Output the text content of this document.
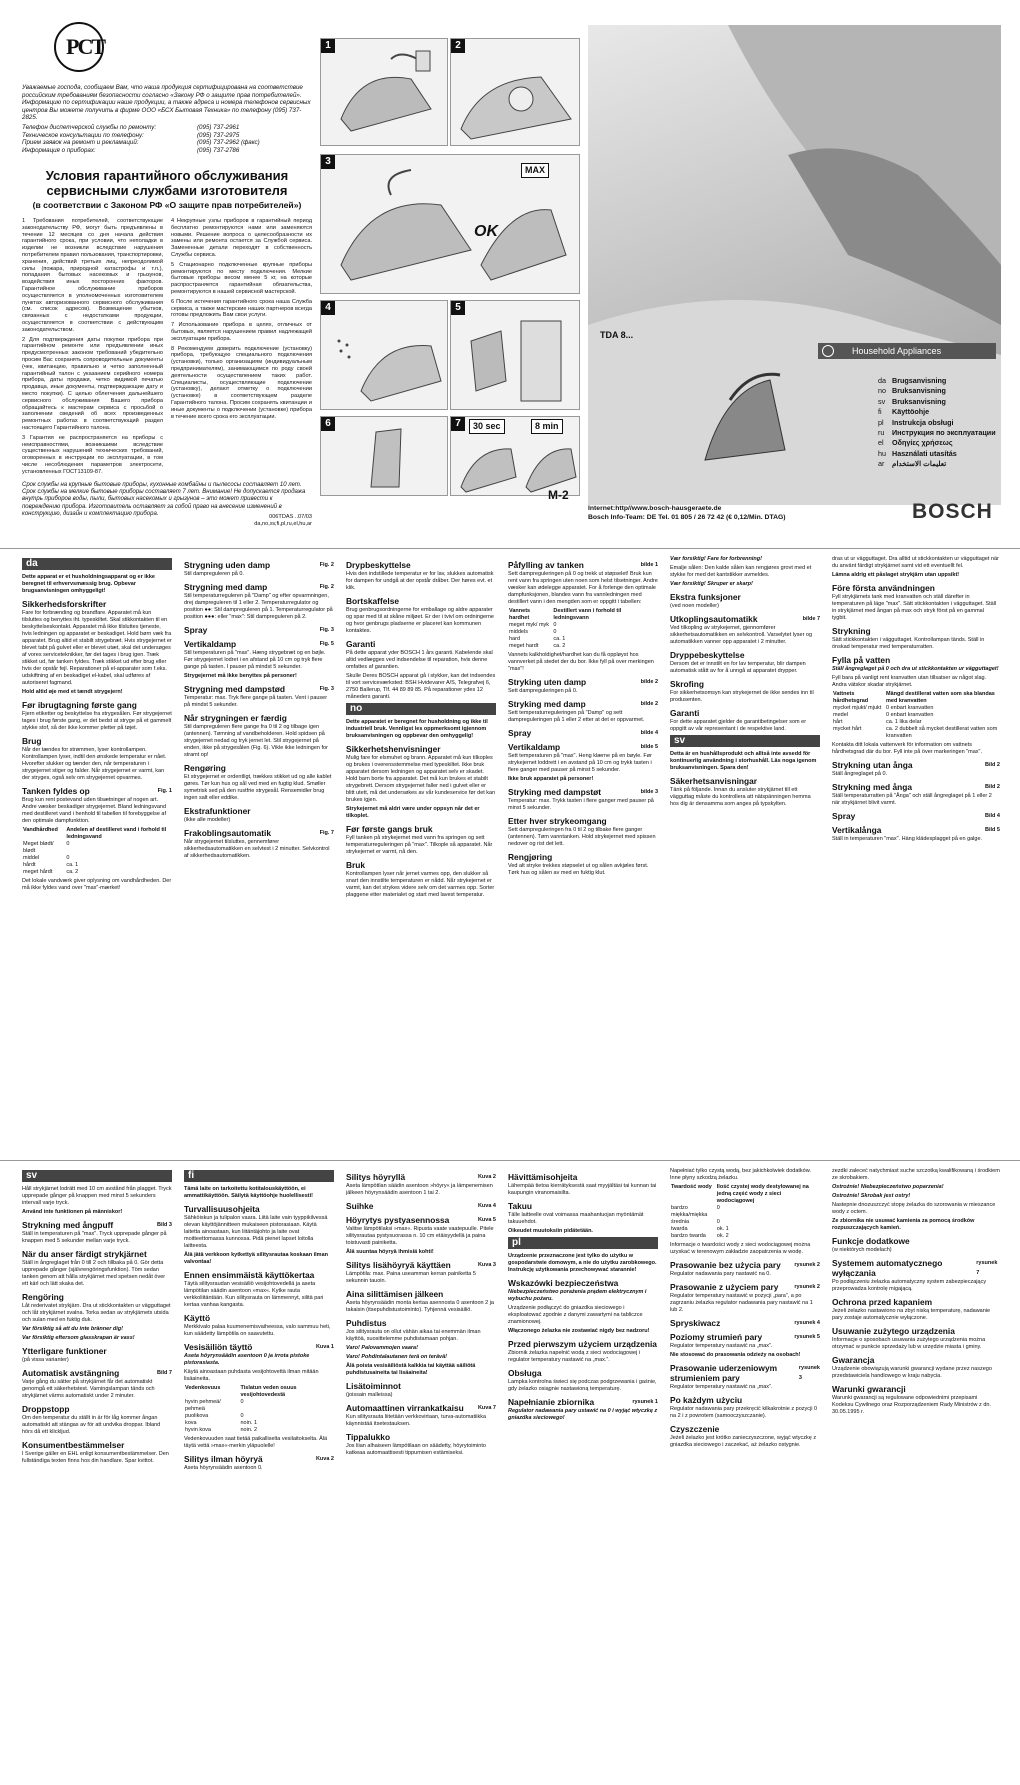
PCT
Уважаемые господа, сообщаем Вам, что наша продукция сертифицирована на соответствие российским требованиям безопасности согласно «Закону РФ о защите прав потребителей». Информацию по сертификации наше продукции, а также адреса и номера телефонов сервисных центров Вы можете получить в фирме ООО «БСХ Бытовая Техника» по телефону (095) 737-2825.
Телефон диспетчерской службы по ремонту:	(095) 737-2961
Техническое консультации по телефону:	(095) 737-2975
Прием заявок на ремонт и рекламаций:	(095) 737-2962 (факс)
Информация о приборах:	(095) 737-2786
Условия гарантийного обслуживания сервисными службами изготовителя
(в соответствии с Законом РФ «О защите прав потребителей»)

1 Требования потребителей, соответствующие законодательству РФ, могут быть предъявлены в течение 12 месяцев со дня начала действия гарантийного срока, при условии, что неполадки в изделии не возникли вследствие нарушения потребителем правил пользования, транспортировки, хранения, действий третьих лиц, непреодолимой силы (пожара, природной катастрофы и т.п.), попадания бытовых насекомых и грызунов, воздействия иных посторонних факторов. Гарантийное обслуживание приборов осуществляется в уполномоченных изготовителем пунктах авторизованного сервисного обслуживания (см. список адресов). Возмещение убытков, связанных с недостатками продукции, осуществляется в соответствии с действующим законодательством.

2 Для подтверждения даты покупки прибора при гарантийном ремонте или предъявлении иных предусмотренных законом требований убедительно просим Вас сохранять сопроводительные документы (чек, квитанцию, правильно и четко заполненный гарантийный талон с указанием серийного номера прибора, даты продажи, четко видимой печатью продавца, иные документы, подтверждающие дату и место покупки). С целью облегчения дальнейшего сервисного обслуживания Вашего прибора обращайтесь к мастерам сервиса с просьбой о заполнении сведений об всех произведенных ремонтных работах в соответствующий раздел настоящего Гарантийного талона.

3 Гарантия не распространяется на приборы с неисправностями, возникшими вследствие существенных нарушений технических требований, оговоренных в инструкции по эксплуатации, в том числе несоблюдения параметров электросети, установленных ГОСТ13109-87.

4 Некрупные узлы приборов в гарантийный период бесплатно ремонтируются нами или заменяются новыми. Решение вопроса о целесообразности их замены или ремонта остается за Службой сервиса. Замененные детали переходят в собственность Службы сервиса.

5 Стационарно подключенные крупные приборы ремонтируются по месту подключения. Мелкие бытовые приборы весом менее 5 кг, на которые распространяется гарантийная обязательства, ремонтируются в нашей сервисной мастерской.

6 После истечения гарантийного срока наша Служба сервиса, а также мастерские наших партнеров всегда готовы предложить Вам свои услуги.

7 Использование прибора в целях, отличных от бытовых, является нарушением правил надлежащей эксплуатации прибора.

8 Рекомендуем доверить подключение (установку) прибора, требующую специального подключения (установки), только организациям (индивидуальным предпринимателям), занимающимся по роду своей деятельности осуществлением таких работ. Специалисты, осуществляющие подключение (установку), делают отметку о подключении (установке) в соответствующем разделе Гарантийного талона. Просим сохранять квитанции и иные документы о подключении (установке) прибора в течение всего срока его эксплуатации.

Срок службы на крупные бытовые приборы, кухонные комбайны и пылесосы составляет 10 лет. Срок службы на мелкие бытовые приборы составляет 7 лет. Внимание! Не допускается продажа внутрь приборов воды, пыли, бытовых насекомых и грызунов – это может привести к повреждению прибора. Изготовитель оставляет за собой право на внесение изменений в конструкцию, дизайн и комплектацию прибора.
006TDAS ..07/03 da,no,sv,fi,pl,ru,el,hu,ar
1	2
3
MAX
OK
4	5
6	7	30 sec	8 min
M-2
TDA 8...
Household Appliances
da Brugsanvisning
no Bruksanvisning
sv Bruksanvisning
fi	Käyttöohje
pl	Instrukcja obsługi
ru	Инструкция по эксплуатации
el	Οδηγίες χρήσεως
hu Használati utasítás
ar	تعليمات الاستخدام
Internet:http//www.bosch-hausgeraete.de
Bosch Info-Team: DE Tel. 01 805 / 26 72 42 (€ 0,12/Min. DTAG)	BOSCH
da

Dette apparat er et husholdningsapparat og er ikke beregnet til erhvervsmæssig brug. Opbevar brugsanvisningen omhyggeligt!

Sikkerhedsforskrifter

Fare for forbrænding og brandfare. Apparatet må kun tilsluttes og benyttes iht. typeskiltet. Skal stikkontakten til en beskyttelseskontakt. Apparatet må ikke tilsluttes tjeneste, hvis ledningen og apparatet er beskadiget. Hold børn væk fra apparatet. Brug altid et stabilt strygebræt. Hvis strygejernet er blevet tabt på gulvet eller er blevet utæt, skal det undersøges af vores serviceteknikker, før det tages i brug igen. Træk stikket ud, før tanken fyldes. Træk stikket ud efter brug eller hvis der opstår fejl. Reparationer på el-apparater som f.eks. udskiftning af en beskadiget el-kabel, skal udføres af autoriseret fagmand.

Hold altid øje med et tændt strygejern!

Før ibrugtagning første gang

Fjern etiketter og beskyttelse fra strygesålen. Før strygejernet tages i brug første gang, er det bedst at stryge på et gammelt stykke stof, så der ikke kommer pletter på tøjet.

Brug

Når der tændes for strømmen, lyser kontrollampen. Kontrollampen lyser, indtil den ønskede temperatur er nået. Hvorefter slukker og tænder den, når temperaturen i strygejernet stiger og falder. Når strygejernet er varmt, kan der stryges, også selv om strygejernet opvarmes.

Tanken fyldes op	Fig. 1

Brug kun rent postevand uden tilsætninger af nogen art. Andre væsker beskadiger strygejernet. Bland ledningsvand med destilleret vand i henhold til tabellen til forebyggelse af den optimale dampfunktion.

Vandhårdhed	Andelen af destilleret vand i forhold til ledningsvand
Meget blødt/ blødt	0
middel	0
hårdt	ca. 1
meget hårdt	ca. 2

Det lokale vandværk giver oplysning om vandhårdheden. Der må ikke fyldes vand over "max"-mærket!

Strygning uden damp	Fig. 2

Stil dampreguleren på 0.

Strygning med damp	Fig. 2

Stil temperaturreguleren på "Damp" og efter opvarmningen, drej dampreguleren til 1 eller 2. Temperaturregulator og position ●●: Stil dampreguleren på 1. Temperaturregulator på position ●●●: eller "max": Stil dampreguleren på 2.

Spray	Fig. 3
Vertikaldamp	Fig. 5

Stil temperaturen på "max". Hæng strygebræt og en bøjle. Før strygejernet lodret i en afstand på 10 cm og tryk flere gange på tasten. I pauser på mindst 5 sekunder.

Strygejernet må ikke benyttes på personer!

Strygning med dampstød	Fig. 3

Temperatur: max. Tryk flere gange på tasten. Vent i pauser på mindst 5 sekunder.

Når strygningen er færdig

Stil dampreguleren flere gange fra 0 til 2 og tilbage igen (antennen). Tømning af vandbeholderen. Hold spidsen på strygejernet nedad og tryk jernet let. Stil strygejernet på enden, ikke på strygesålen (Fig. 6). Vikle ikke ledningen for stramt op!

Rengøring

Et strygejernet er ordentligt, trækkes stikket ud og alle kablet gøres. Tør kun hus og sål ved med en fugtig klud. Smøller symetrisk sed på den rustfrie strygesål. Rensemidler brug ingen salt eller eddike.

Ekstrafunktioner

(ikke alle modeller)

Frakoblingsautomatik	Fig. 7

Når strygejernet tilsluttes, gennemfører sikkerhedsautomatikken en selvtest i 2 minutter. Selvkontrol af sikkerhedsautomatikken.

Drypbeskyttelse

Hvis den indstillede temperatur er for lav, slukkes automatisk for dampen for undgå at der opstår dråber. Der høres evt. et klik.

Bortskaffelse

Brug genbrugsordningerne for emballage og aldre apparater og spar med til at skåne miljøet. Er der i tvivl om ordningerne og hvor genbrugs pladserne er placeret kan kommunen kontaktes.

Garanti

På dette apparat yder BOSCH 1 års garanti. Kabelende skal altid vedlægges ved indsendelse til reparation, hvis denne omfattes af garantien.

Skulle Deres BOSCH apparat gå i stykker, kan det indsendes til vort serviceværksted: BSH Hvidevarer A/S, Telegrafvej 6, 2750 Ballerup, Tlf. 44 89 89 85. På reparationer ydes 12 måneders garanti.

no

Dette apparatet er beregnet for husholdning og ikke til industriell bruk. Vennligst les oppmerksomt igjennom bruksanvisningen og oppbevar den omhyggelig!

Sikkerhetshenvisninger

Mulig fare for elsmuhet og brann. Apparatet må kun tilkoples og brukes i overensstemmelse med typeskiltet. Ikke bruk apparatet dersom ledningen og apparatet selv er skadet. Hold barn borte fra apparatet. Det må kun brukes et stabilt strygebrett. Dersom strygejernet faller ned i gulvet eller er blitt utett, må det undersøkes av vår kundeservice før det kan brukes igjen.

Strykejernet må aldri være under oppsyn når det er tilkoplet.

Før første gangs bruk

Fyll tanken på strykejernet med vann fra springen og sett temperaturreguleringen på "max". Tilkople så apparatet. Når strykejernet er varmt, nå den.

Bruk

Kontrollampen lyser når jernet varmes opp, den slukker så snart den innstilte temperaturen er nådd. Når strykejernet er varmt, kan det strykes videre selv om det varmes opp. Sorter plaggene etter materialet og start med lavest temperatur.

Påfylling av tanken	bilde 1

Sett dampreguleringen på 0 og trekk ut støpselet! Bruk kun rent vann fra springen uten noen som helst tilsetninger. Andre væsker kan ødelegge apparatet. For å forlenge den optimale dampfunksjonen, blandes vann fra vannledningen med destillert vann i den mengden som er oppgitt i tabellen:

Vannets hardhet	Destillert vann i forhold til ledningsvann
meget myk/ myk	0
middels	0
hard	ca. 1
meget hardt	ca. 2

Vannets kalkholdighet/hardhet kan du få oppløyst hos vannverket på stedet der du bor. Ikke fyll på over merkingen "max"!

Stryking uten damp	bilde 2

Sett dampreguleringen på 0.

Stryking med damp	bilde 2

Sett temperaturreguleringen på "Damp" og sett dampreguleringen på 1 eller 2 etter at det er oppvarmet.

Spray	bilde 4
Vertikaldamp	bilde 5

Sett temperaturen på "max". Heng klærne på en bøyle. Før strykejernet loddrett i en avstand på 10 cm og trykk tasten i flere ganger med pauser på minst 5 sekunder.

Ikke bruk apparatet på personer!

Stryking med dampstøt	bilde 3

Temperatur: max. Trykk tasten i flere ganger med pauser på minst 5 sekunder.

Etter hver strykeomgang

Sett dampreguleringen fra 0 til 2 og tilbake flere ganger (antennen). Tøm vanntanken. Hold strykejernet med spissen nedover og rist det lett.

Rengjøring

Ved alt stryke trekkes støpselet ut og sålen avkjøles først. Tørk hus og sålen av med en fuktig klut.

Vær forsiktig! Fare for forbrenning!

Emalje sålen: Den kalde sålen kan rengjøres grovt med et stykke for med det kantstikker avmeldes.

Vær forsiktig! Skruper er skarp!

Ekstra funksjoner

(ved noen modeller)

Utkoplingsautomatikk	bilde 7

Ved tilkopling av strykejernet, gjennomfører sikkerhetsautomatikken en selvkontroll. Varselytet lyser og automatikken vanner opp apparatet i 2 minutter.

Dryppebeskyttelse

Dersom det er innstilt en for lav temperatur, blir dampen automatisk stått av for å unngå at apparatet drypper.

Skrofing

For sikkerhetsomsyn kan strykejernet de ikke sendes inn til produsenten.

Garanti

For dette apparatet gjelder de garantibetingelser som er oppgitt av vår representant i de respektive land.

sv

Detta är en hushållsprodukt och alltså inte avsedd för kontinuerlig användning i storhushåll. Läs noga igenom bruksanvisningen. Spara den!

Säkerhetsanvisningar

Tänk på följande. Innan du ansluter strykjärnet till ett vägguttag måste du kontrollera att nätspänningen hemma hos dig är densamma som anges på typskylten.

dras ut ur vägguttaget. Dra alltid ut stickkontakten ur vägguttaget när du använt färdigt strykjärnet samt vid ett eventuellt fel.

Lämna aldrig ett påslaget strykjärn utan uppsikt!

Före första användningen

Fyll strykjärnets tank med kranvatten och ställ därefter in temperaturen på läge "max". Sätt stickkontakten i vägguttaget. Ställ in strykjärnet med ångan på max och stryk först på en gammal tygbit.

Strykning

Sätt stickkontakten i vägguttaget. Kontrollampan tänds. Ställ in önskad temperatur med temperaturratten.

Fylla på vatten

Ställ ångreglaget på 0 och dra ut stickkontakten ur vägguttaget!

Fyll bara på vanligt rent kranvatten utan tillsatser av något slag. Andra vätskor skadar strykjärnet.

Vattnets hårdhetsgrad	Mängd destillerat vatten som ska blandas med kranvatten
mycket mjukt/ mjukt	0 enbart kranvatten
medel	0 enbart kranvatten
hårt	ca. 1 lika delar
mycket hårt	ca. 2 dubbelt så mycket destillerat vatten som kranvatten

Kontakta ditt lokala vattenverk för information om vattnets hårdhetsgrad där du bor. Fyll inte på över markeringen "max".

Strykning utan ånga	Bild 2

Ställ ångreglaget på 0.

Strykning med ånga	Bild 2

Ställ temperaturratten på "Ånga" och ställ ångreglaget på 1 eller 2 när strykjärnet blivit varmt.

Spray	Bild 4
Vertikalånga	Bild 5

Ställ in temperaturen "max". Häng klädesplagget på en galge.

sv

Håll strykjärnet lodrätt med 10 cm avstånd från plagget. Tryck upprepade gånger på knappen med minst 5 sekunders intervall varje tryck.

Använd inte funktionen på människor!

Strykning med ångpuff	Bild 3

Ställ in temperaturen på "max". Tryck upprepade gånger på knappen med 5 sekunder mellan varje tryck.

När du anser färdigt strykjärnet

Ställ in ångreglaget från 0 till 2 och tillbaka på 0. Gör detta upprepade gånger (självrengöringsfunktion). Töm sedan tanken genom att hålla strykjärnet med spetsen nedåt över ett kärl och lätt skaka det.

Rengöring

Låt rederivatet strykjärn. Dra ut stickkontakten ur vägguttaget och låt strykjärnet svalna. Torka sedan av strykjärnets utsida och sulan med en fuktig duk.

Var försiktig så att du inte bränner dig!

Var försiktig eftersom glasskrapan är vass!

Ytterligare funktioner

(på vissa varianter)

Automatisk avstängning	Bild 7

Varje gång du sätter på strykjärnet får det automatiskt genomgå ett säkerhetstest. Varningslampan tänds och strykjärnet värms automatiskt under 2 minuter.

Droppstopp

Om den temperatur du ställt in är för låg kommer ångan automatiskt att stängas av för att undvika droppar. Ibland hörs då ett klickljud.

Konsumentbestämmelser

I Sverige gäller en EHL enligt konsumentbestämmelser. Den fullständiga texten finns hos din handlare. Spar kvittot.

fi

Tämä laite on tarkoitettu kotitalouskäyttöön, ei ammattikäyttöön. Säilytä käyttöohje huolellisesti!

Turvallisuusohjeita

Sähköiskun ja tulipalon vaara. Liitä laite vain tyyppikilvessä olevan käyttöjännitteen mukaiseen pistorasiaan. Käytä laitetta ainoastaan, kun liitäntäjohto ja laite ovat moitteettomassa kunnossa. Pidä pienet lapset loitolla laitteesta.

Älä jätä verkkoon kytkettyä silitysrautaa koskaan ilman valvontaa!

Ennen ensimmäistä käyttökertaa

Täytä silitysraudan vesisäiliö vesijohtovedellä ja aseta lämpötilan säädin asentoon »max«. Kytke rauta verkkoliitäntään. Kun silitysrauta on lämmennyt, silitä pari kertaa vanhaa kangasta.

Käyttö

Merkkivalo palaa kuumenemisvaiheessa, valo sammuu heti, kun säädetty lämpötila on saavutettu.

Vesisäiliön täyttö	Kuva 1

Aseta höyrynsäädin asentoon 0 ja irrota pistoke pistorasiasta.

Käytä ainoastaan puhdasta vesijohtovettä ilman mitään lisäaineita.

Vedenkovuus	Tislatun veden osuus vesijohtovedestä
hyvin pehmeä/ pehmeä	0
puolikova	0
kova	noin. 1
hyvin kova	noin. 2

Vedenkovuuden saat tietää paikalliselta vesilaitokselta. Älä täytä vettä »max«-merkin yläpuolelle!

Silitys ilman höyryä	Kuva 2

Aseta höyrynsäädin asentoon 0.

Silitys höyryllä	Kuva 2

Aseta lämpötilan säädin asentoon »höyry« ja lämpenemisen jälkeen höyrynsäädin asentoon 1 tai 2.

Suihke	Kuva 4
Höyrytys pystyasennossa	Kuva 5

Valitse lämpötilaksi »max«. Ripusta vaate vaatepuulle. Pitele silitysrautaa pystysuorassa n. 10 cm etäisyydellä ja paina toistuvasti painiketta.

Älä suuntaa höyryä ihmisiä kohti!

Silitys lisähöyryä käyttäen	Kuva 3

Lämpötila: max. Paina useamman kerran painiketta 5 sekunnin tauoin.

Aina silittämisen jälkeen

Aseta höyrynsäädin monta kertaa asennosta 0 asentoon 2 ja takaisin (itsepuhdistustoiminto). Tyhjennä vesisäiliö.

Puhdistus

Jos silitysrauta on ollut vähän aikaa tai enemmän ilman käyttöä, suosittelemme puhdistamaan pohjan.

Varo! Palovammojen vaara!

Varo! Pohdintalautanen terä on terävä!

Älä poista vesisäiliöstä kalkkia tai käyttää säiliötä puhdistusaineita tai lisäaineita!

Lisätoiminnot

(joissain malleissa)

Automaattinen virrankatkaisu	Kuva 7

Kun silitysrauta liitetään verkkovirtaan, turva-automatiikka käynnistää itsetestauksen.

Tippalukko

Jos liian alhaiseen lämpötilaan on säädetty, höyrytoiminto katkeaa automaattisesti tippumisen estämiseksi.

Hävittämisohjeita

Lähempää tietoa kierrätyksestä saat myyjältäsi tai kunnan tai kaupungin viranomaisilta.

Takuu

Tälle laitteelle ovat voimassa maahantuojan myöntämät takuuehdot.

Oikeudet muutoksiin pidätetään.

pl

Urządzenie przeznaczone jest tylko do użytku w gospodarstwie domowym, a nie do użytku zarobkowego. Instrukcję użytkowania przechowywać starannie!

Wskazówki bezpieczeństwa

Niebezpieczeństwo porażenia prądem elektrycznym i wybuchu pożaru.

Urządzenie podłączyć do gniazdka sieciowego i eksploatować zgodnie z danymi zawartymi na tabliczce znamionowej.

Włączonego żelazka nie zostawiać nigdy bez nadzoru!

Przed pierwszym użyciem urządzenia

Zbiornik żelazka napełnić wodą z sieci wodociągowej i regulator temperatury nastawić na „max.”.

Obsługa

Lampka kontrolna świeci się podczas podgrzewania i gaśnie, gdy żelazko osiągnie nastawioną temperaturę.

Napełnianie zbiornika	rysunek 1

Regulator nadawania pary ustawić na 0 i wyjąć wtyczkę z gniazdka sieciowego!

Napełniać tylko czystą wodą, bez jakichkolwiek dodatków. Inne płyny szkodzą żelazku.

Twardość wody	Ilość czystej wody destylowanej na jedną część wody z sieci wodociągowej
bardzo miękka/miękka	0
średnia	0
twarda	ok. 1
bardzo twarda	ok. 2

Informacje o twardości wody z sieci wodociągowej można uzyskać w terenowym zakładzie zaopatrzenia w wodę.

Prasowanie bez użycia pary rysunek 2

Regulator nadawania pary nastawić na 0.

Prasowanie z użyciem pary	rysunek 2

Regulator temperatury nastawić w pozycji „para”, a po zagrzaniu żelazka regulator nadawania pary nastawić na 1 lub 2.

Spryskiwacz	rysunek 4
Poziomy strumień pary	rysunek 5

Regulator temperatury nastawić na „max”.

Nie stosować do prasowania odzieży na osobach!

Prasowanie uderzeniowym strumieniem pary
rysunek 3

Regulator temperatury nastawić na „max”.

Po każdym użyciu

Regulator nadawania pary przekręcić kilkakrotnie z pozycji 0 na 2 i z powrotem (samooczyszczanie).

Czyszczenie

Jeżeli żelazko jest krótko zanieczyszczone, wyjąć wtyczkę z gniazdka sieciowego i zaczekać, aż żelazko ostygnie.

zezdki zaleceć natychmiast suche szczotką kwalifikowaną i środkiem ze skrobakiem.

Ostrożnie! Niebezpieczeństwo poparzenia!

Ostrożnie! Skrobak jest ostry!

Nastepnie dnozuszczyć stopę żelazka do szorowania w mieszance wody z octem.

Ze zbiornika nie usuwać kamienia za pomocą środków rozpuszczających kamień.

Funkcje dodatkowe

(w niektórych modelach)

Systemem automatycznego wyłączania
rysunek 7

Po podłączeniu żelazka automatyczny system zabezpieczający przeprowadza kontrolę migającą.

Ochrona przed kapaniem

Jeżeli żelazko nastawiono na zbyt niską temperaturę, nadawanie pary zostaje automatycznie wyłączone.

Usuwanie zużytego urządzenia

Informacje o sposobach usuwania zużytego urządzenia można otrzymać w punkcie sprzedaży lub w urzędzie miasta i gminy.

Gwarancja

Urządzenie obowiązują warunki gwarancji wydane przez naszego przedstawiciela handlowego w kraju nabycia.

Warunki gwarancji

Warunki gwarancji są regulowane odpowiednimi przepisami Kodeksu Cywilnego oraz Rozporządzeniem Rady Ministrów z dn. 30.05.1995 r.
